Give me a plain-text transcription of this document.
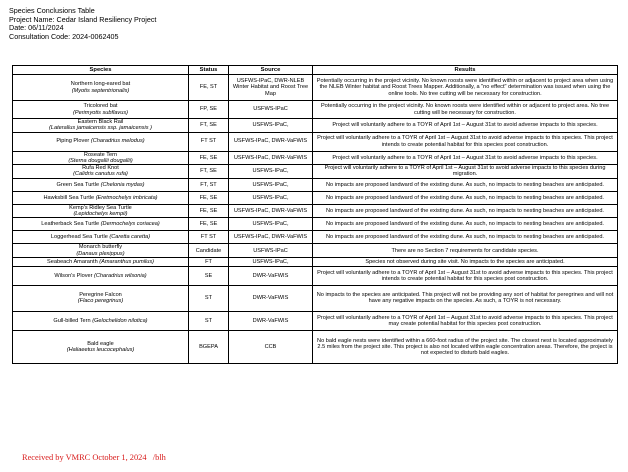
Species Conclusions Table
Project Name: Cedar Island Resiliency Project
Date: 06/11/2024
Consultation Code: 2024-0062405
Species	Status	Source	Results
Northern long-eared bat
(Myotis septentrionalis)	FE, ST	USFWS-IPaC, DWR-NLEB Winter Habitat and Roost Tree Map	Potentially occurring in the project vicinity. No known roosts were identified within or adjacent to project area when using the NLEB Winter habitat and Roost Trees Mapper. Additionally, a "no effect" determination was issued when using the online tools. No tree cutting will be necessary for construction.
Tricolored bat
(Perimyotis subflavus)	FP, SE	USFWS-IPaC	Potentially occurring in the project vicinity. No known roosts were identified within or adjacent to project area. No tree cutting will be necessary for construction.
Eastern Black Rail
(Laterallus jamaicensis ssp. jamaicensis )	FT, SE	USFWS-IPaC,	Project will voluntarily adhere to a TOYR of April 1st – August 31st to avoid adverse impacts to this species.
Piping Plover (Charadrius melodus)	FT ST	USFWS-IPaC, DWR-VaFWIS	Project will voluntarily adhere to a TOYR of April 1st – August 31st to avoid adverse impacts to this species. This project intends to create potential habitat for this species post construction.
Roseate Tern
(Sterna dougallii dougallii)	FE, SE	USFWS-IPaC, DWR-VaFWIS	Project will voluntarily adhere to a TOYR of April 1st – August 31st to avoid adverse impacts to this species.
Rufa Red Knot
(Calidris canutus rufa)	FT, SE	USFWS-IPaC,	Project will voluntarily adhere to a TOYR of April 1st – August 31st to avoid adverse impacts to this species during migration.
Green Sea Turtle (Chelonia mydas)	FT, ST	USFWS-IPaC,	No impacts are proposed landward of the existing dune. As such, no impacts to nesting beaches are anticipated.
Hawksbill Sea Turtle (Eretmochelys imbricata)	FE, SE	USFWS-IPaC,	No impacts are proposed landward of the existing dune. As such, no impacts to nesting beaches are anticipated.
Kemp's Ridley Sea Turtle
(Lepidochelys kempii)	FE, SE	USFWS-IPaC, DWR-VaFWIS	No impacts are proposed landward of the existing dune. As such, no impacts to nesting beaches are anticipated.
Leatherback Sea Turtle (Dermochelys coriacea)	FE, SE	USFWS-IPaC,	No impacts are proposed landward of the existing dune. As such, no impacts to nesting beaches are anticipated.
Loggerhead Sea Turtle (Caretta caretta)	FT ST	USFWS-IPaC, DWR-VaFWIS	No impacts are proposed landward of the existing dune. As such, no impacts to nesting beaches are anticipated.
Monarch butterfly
(Danaus plexippus)	Candidate	USFWS-IPaC	There are no Section 7 requirements for candidate species.
Seabeach Amaranth (Amaranthus pumilus)	FT	USFWS-IPaC,	Species not observed during site visit. No impacts to the species are anticipated.
Wilson's Plover (Charadrius wilsonia)	SE	DWR-VaFWIS	Project will voluntarily adhere to a TOYR of April 1st – August 31st to avoid adverse impacts to this species. This project intends to create potential habitat for this species post construction.
Peregrine Falcon
(Flaco peregrinus)	ST	DWR-VaFWIS	No impacts to the species are anticipated. This project will not be providing any sort of habitat for peregrines and will not have any negative impacts on the species. As such, a TOYR is not necessary.
Gull-billed Tern (Gelochelidon nilotica)	ST	DWR-VaFWIS	Project will voluntarily adhere to a TOYR of April 1st – August 31st to avoid adverse impacts to this species. This project may create potential habitat for this species post construction.
Bald eagle
(Haliaeetus leucocephalus)	BGEPA	CCB	No bald eagle nests were identified within a 660-foot radius of the project site. The closest nest is located approximately 2.5 miles from the project site. This project is also not located within eagle concentration areas. Therefore, the project is not expected to disturb bald eagles.
Received by VMRC October 1, 2024   /blh
